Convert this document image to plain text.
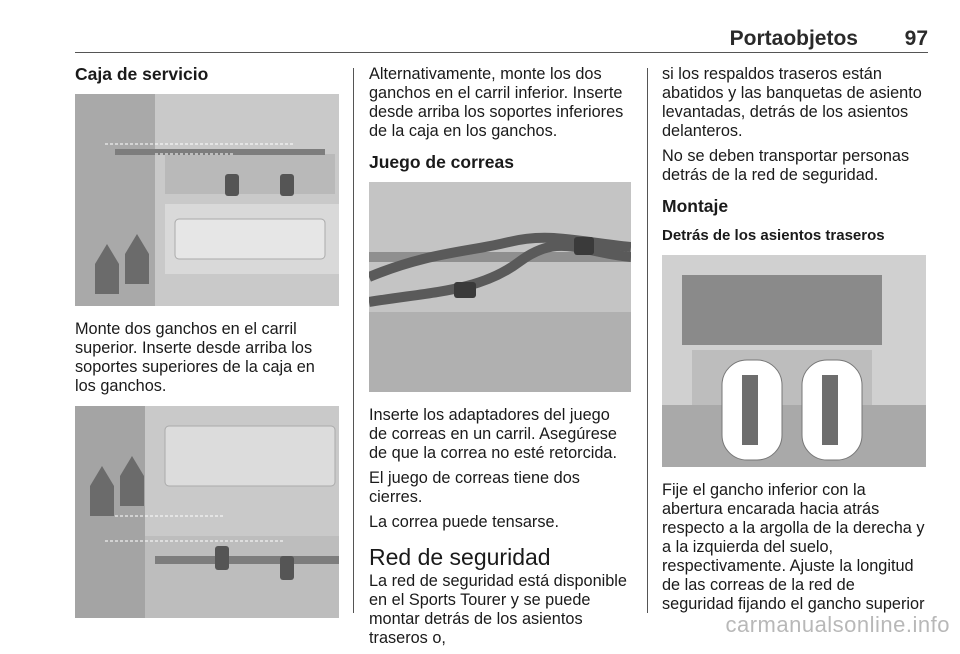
Portaobjetos	97
Caja de servicio

Monte dos ganchos en el carril superior. Inserte desde arriba los soportes superiores de la caja en los ganchos.

Alternativamente, monte los dos ganchos en el carril inferior. Inserte desde arriba los soportes inferiores de la caja en los ganchos.

Juego de correas

Inserte los adaptadores del juego de correas en un carril. Asegúrese de que la correa no esté retorcida.

El juego de correas tiene dos cierres.

La correa puede tensarse.

Red de seguridad

La red de seguridad está disponible en el Sports Tourer y se puede montar detrás de los asientos traseros o,

si los respaldos traseros están abatidos y las banquetas de asiento levantadas, detrás de los asientos delanteros.

No se deben transportar personas detrás de la red de seguridad.

Montaje
Detrás de los asientos traseros

Fije el gancho inferior con la abertura encarada hacia atrás respecto a la argolla de la derecha y a la izquierda del suelo, respectivamente. Ajuste la longitud de las correas de la red de seguridad fijando el gancho superior

carmanualsonline.info
